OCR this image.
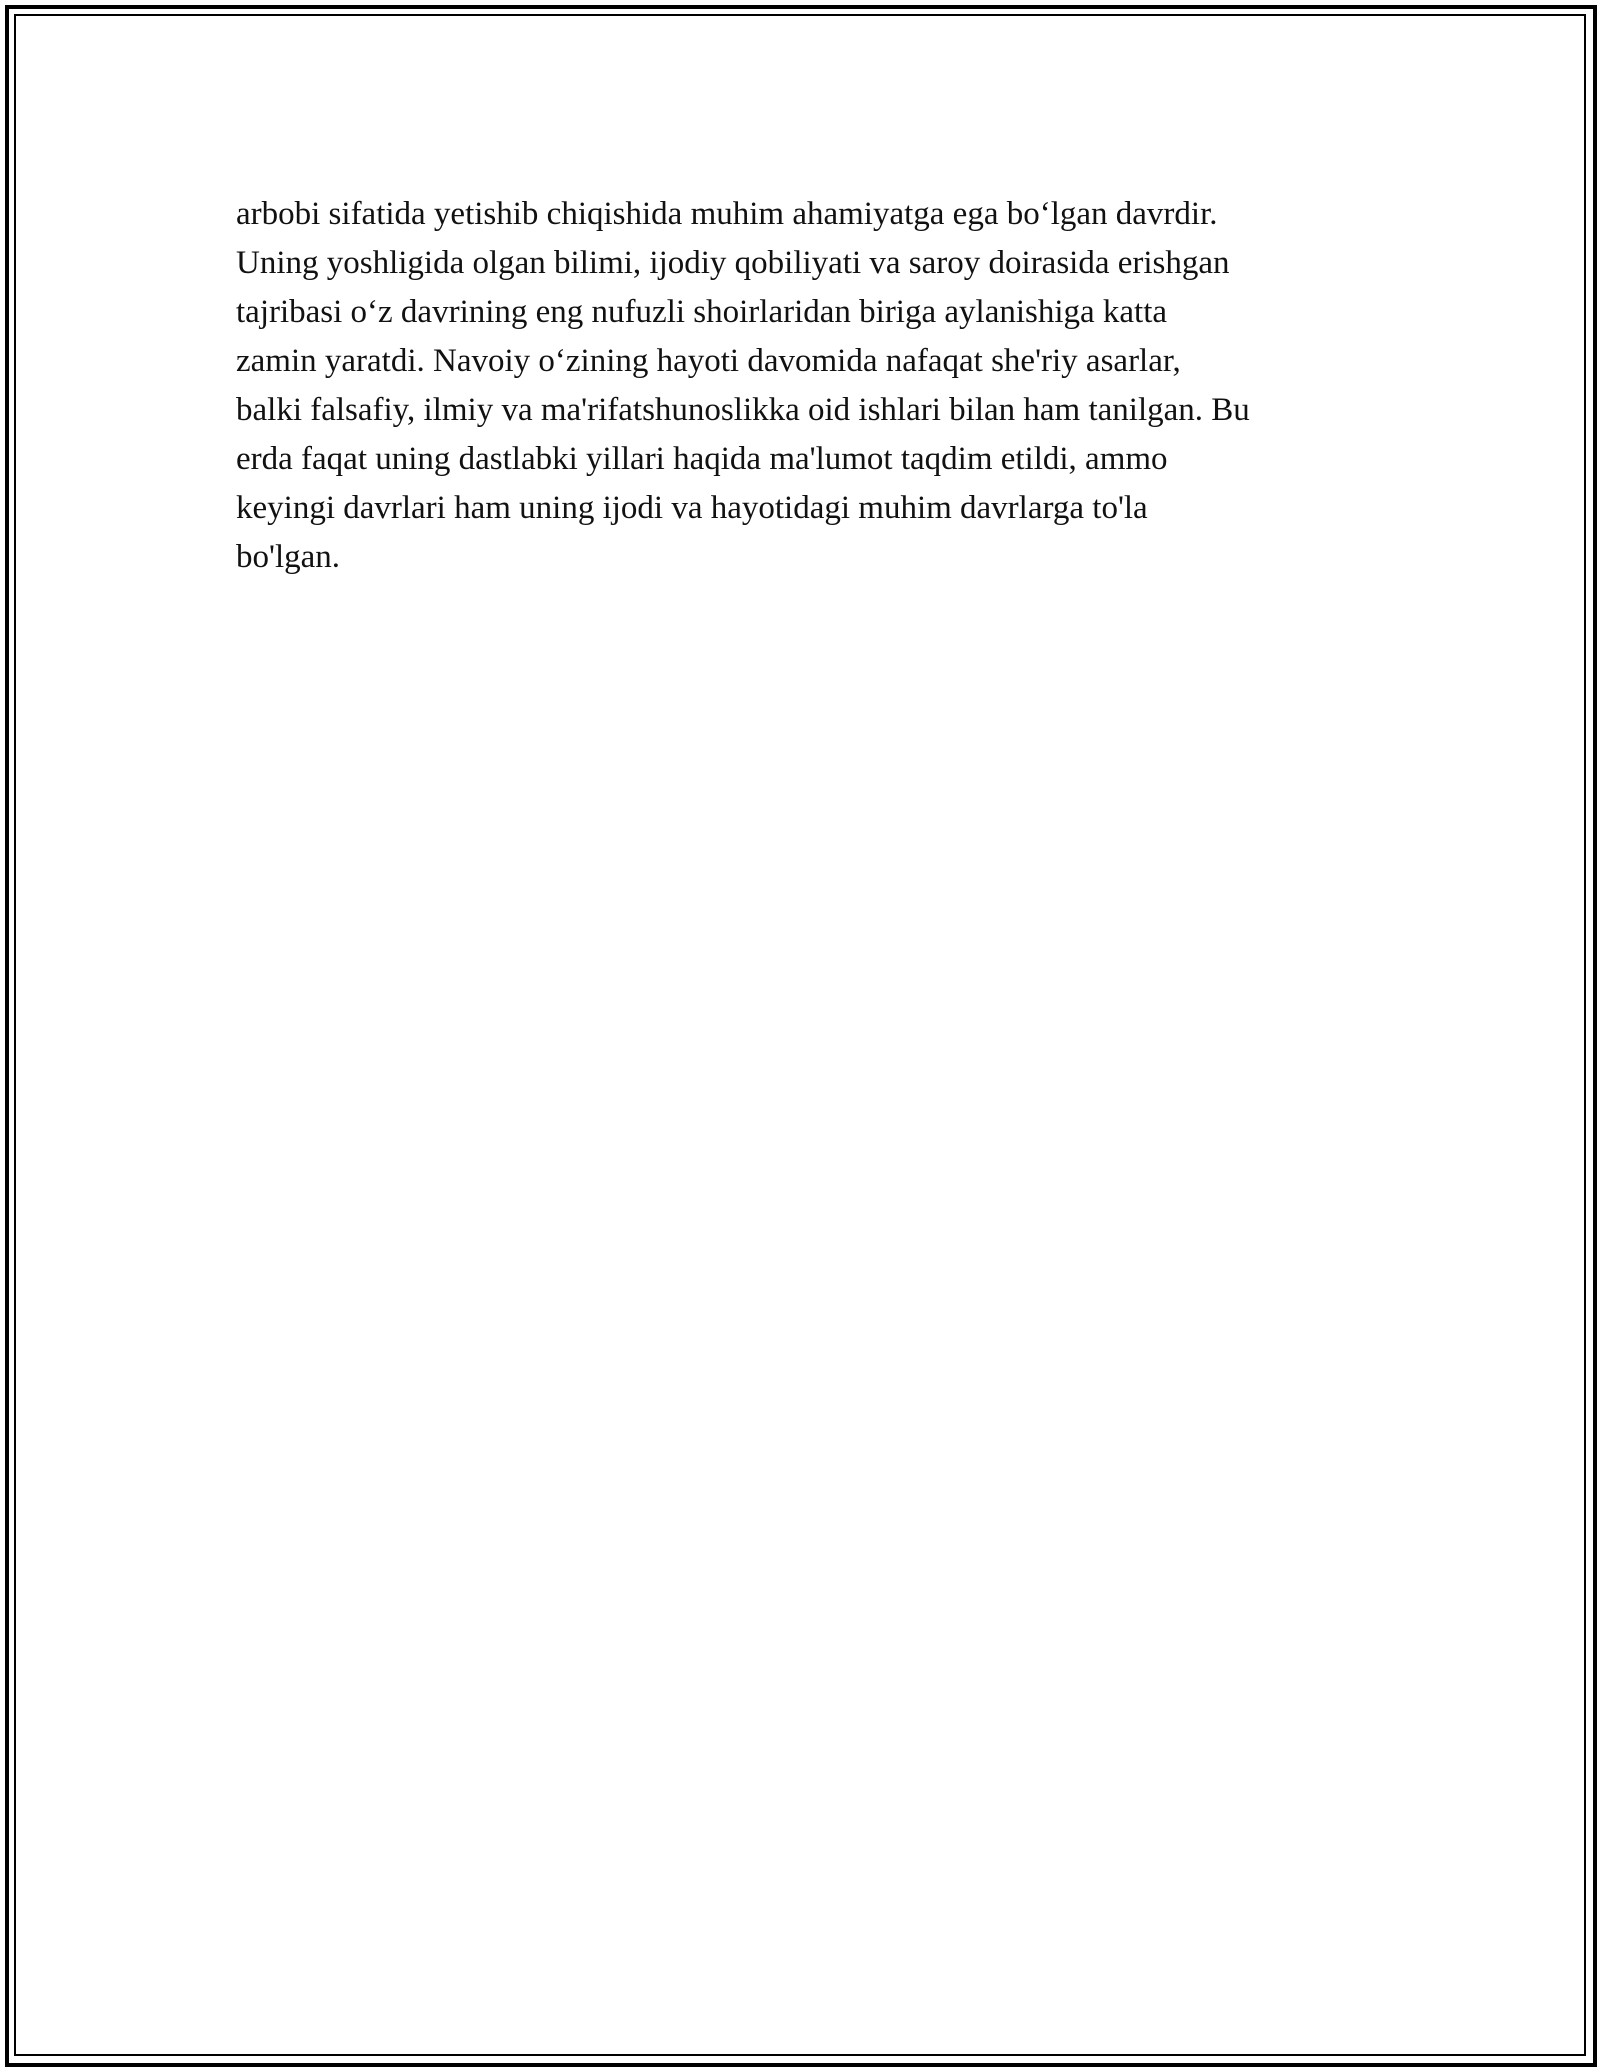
arbobi sifatida yetishib chiqishida muhim ahamiyatga ega bo‘lgan davrdir.
Uning yoshligida olgan bilimi, ijodiy qobiliyati va saroy doirasida erishgan
tajribasi o‘z davrining eng nufuzli shoirlaridan biriga aylanishiga katta
zamin yaratdi. Navoiy o‘zining hayoti davomida nafaqat she'riy asarlar,
balki falsafiy, ilmiy va ma'rifatshunoslikka oid ishlari bilan ham tanilgan. Bu
erda faqat uning dastlabki yillari haqida ma'lumot taqdim etildi, ammo
keyingi davrlari ham uning ijodi va hayotidagi muhim davrlarga to'la
bo'lgan.
